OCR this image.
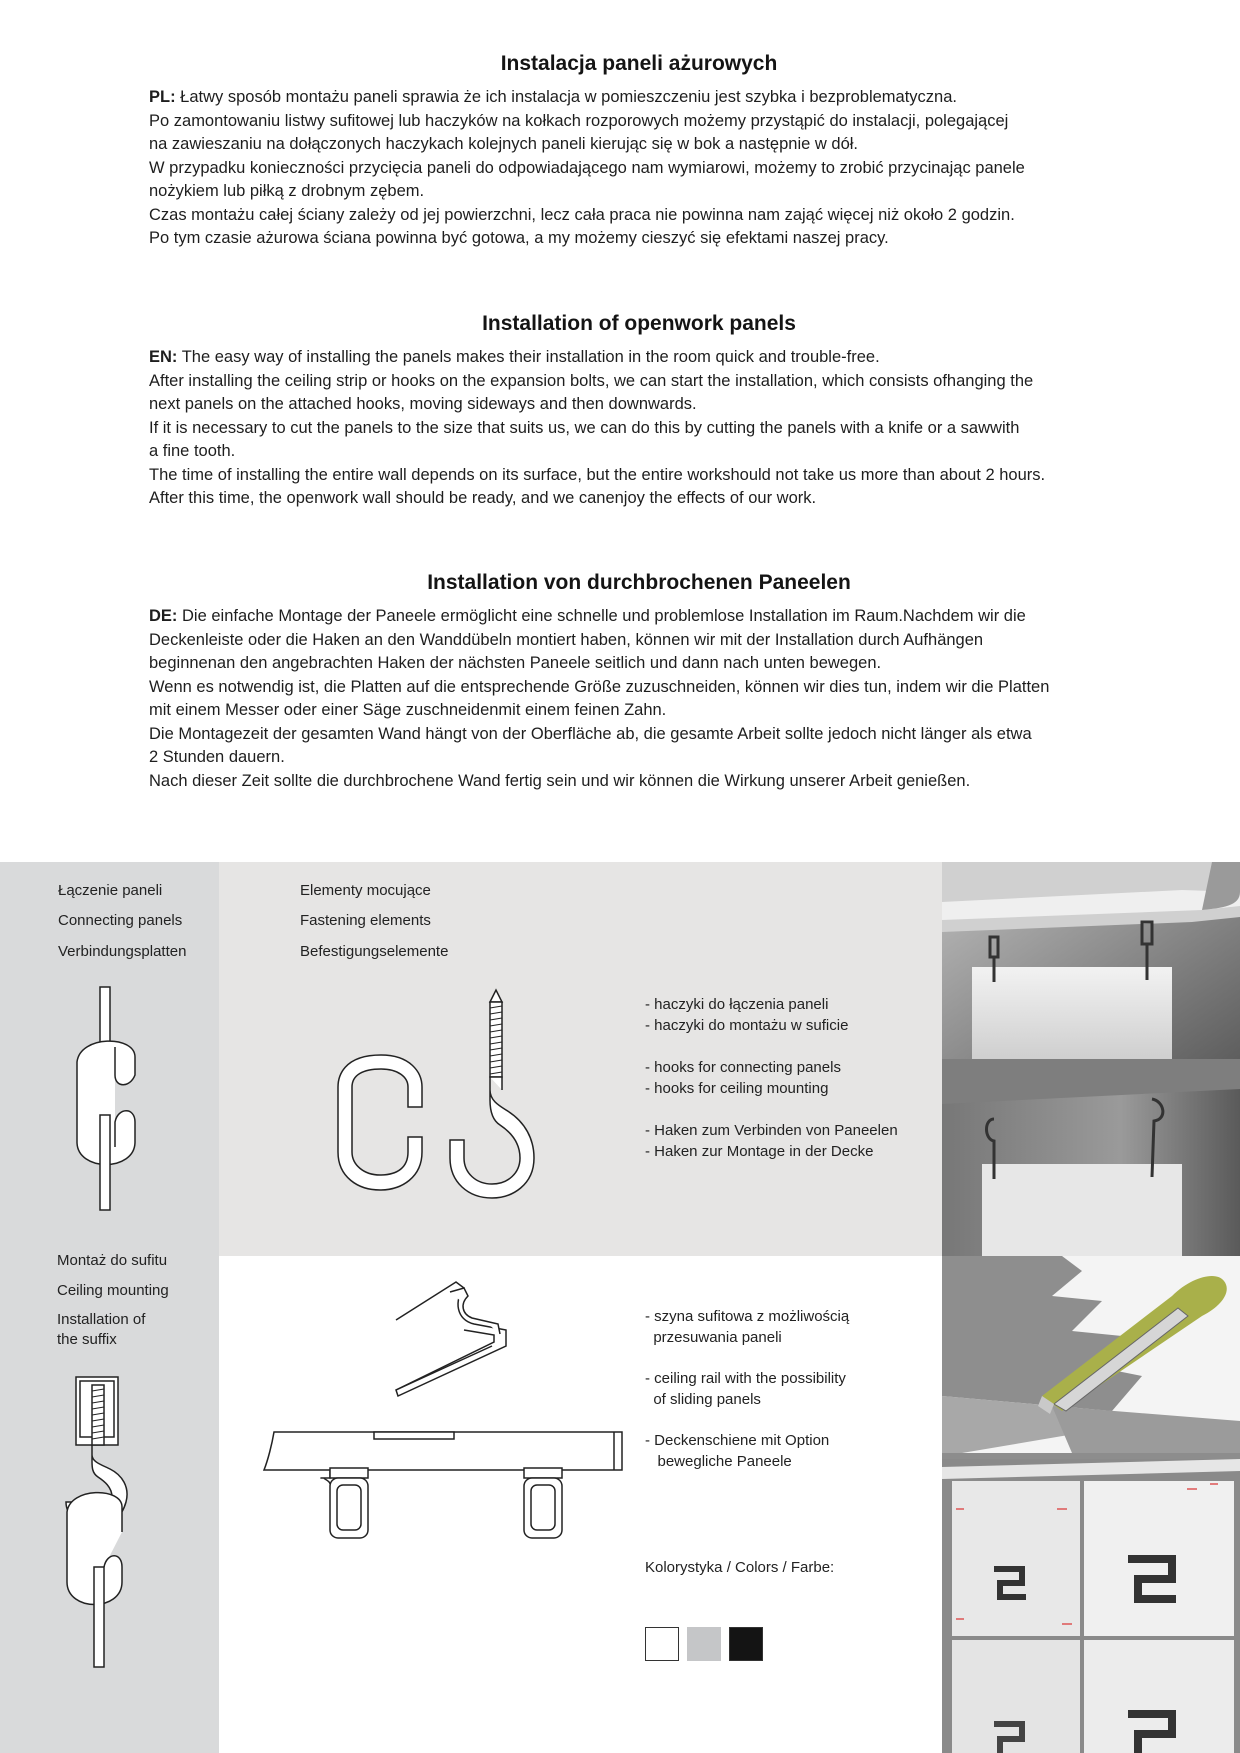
Instalacja paneli ażurowych

PL: Łatwy sposób montażu paneli sprawia że ich instalacja w pomieszczeniu jest szybka i bezproblematyczna.
Po zamontowaniu listwy sufitowej lub haczyków na kołkach rozporowych możemy przystąpić do instalacji, polegającej
na zawieszaniu na dołączonych haczykach kolejnych paneli kierując się w bok a następnie w dół.
W przypadku konieczności przycięcia paneli do odpowiadającego nam wymiarowi, możemy to zrobić przycinając panele
nożykiem lub piłką z drobnym zębem.
Czas montażu całej ściany zależy od jej powierzchni, lecz cała praca nie powinna nam zająć więcej niż około 2 godzin.
Po tym czasie ażurowa ściana powinna być gotowa, a my możemy cieszyć się efektami naszej pracy.

Installation of openwork panels

EN: The easy way of installing the panels makes their installation in the room quick and trouble-free.
After installing the ceiling strip or hooks on the expansion bolts, we can start the installation, which consists ofhanging the
next panels on the attached hooks, moving sideways and then downwards.
If it is necessary to cut the panels to the size that suits us, we can do this by cutting the panels with a knife or a sawwith
a fine tooth.
The time of installing the entire wall depends on its surface, but the entire workshould not take us more than about 2 hours.
After this time, the openwork wall should be ready, and we canenjoy the effects of our work.

Installation von durchbrochenen Paneelen

DE: Die einfache Montage der Paneele ermöglicht eine schnelle und problemlose Installation im Raum.Nachdem wir die
Deckenleiste oder die Haken an den Wanddübeln montiert haben, können wir mit der Installation durch Aufhängen
beginnenan den angebrachten Haken der nächsten Paneele seitlich und dann nach unten bewegen.
Wenn es notwendig ist, die Platten auf die entsprechende Größe zuzuschneiden, können wir dies tun, indem wir die Platten
mit einem Messer oder einer Säge zuschneidenmit einem feinen Zahn.
Die Montagezeit der gesamten Wand hängt von der Oberfläche ab, die gesamte Arbeit sollte jedoch nicht länger als etwa
2 Stunden dauern.
Nach dieser Zeit sollte die durchbrochene Wand fertig sein und wir können die Wirkung unserer Arbeit genießen.

Łączenie paneli
Connecting panels
Verbindungsplatten
Montaż do sufitu
Ceiling mounting
Installation of
the suffix
Elementy mocujące
Fastening elements
Befestigungselemente
- haczyki do łączenia paneli
- haczyki do montażu w suficie
- hooks for connecting panels
- hooks for ceiling mounting
- Haken zum Verbinden von Paneelen
- Haken zur Montage in der Decke
- szyna sufitowa z możliwością
przesuwania paneli
- ceiling rail with the possibility
of sliding panels
- Deckenschiene mit Option
bewegliche Paneele
Kolorystyka / Colors / Farbe:
